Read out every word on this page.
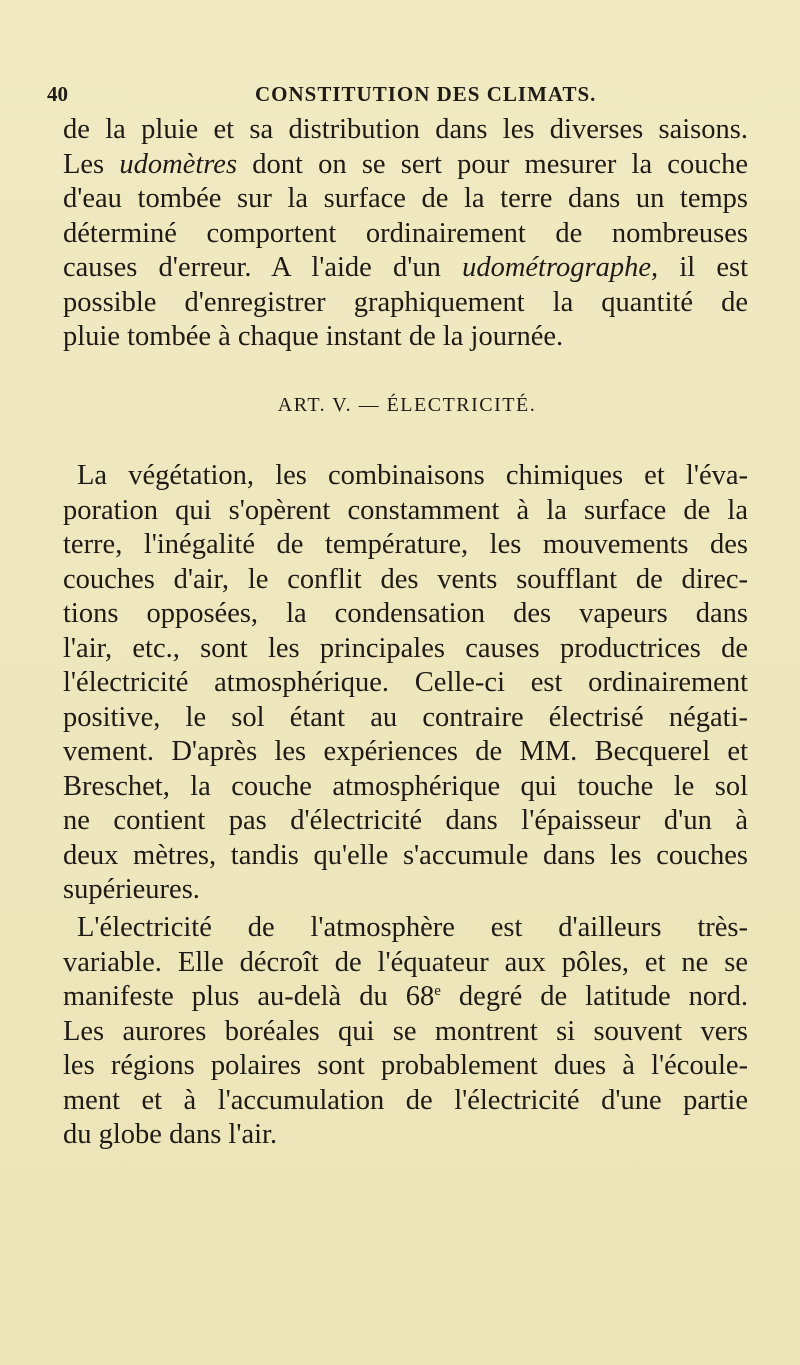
40	CONSTITUTION DES CLIMATS.
de la pluie et sa distribution dans les diverses saisons.
Les udomètres dont on se sert pour mesurer la couche
d'eau tombée sur la surface de la terre dans un temps
déterminé comportent ordinairement de nombreuses
causes d'erreur. A l'aide d'un udométrographe, il est
possible d'enregistrer graphiquement la quantité de
pluie tombée à chaque instant de la journée.
ART. V. — ÉLECTRICITÉ.
La végétation, les combinaisons chimiques et l'éva-
poration qui s'opèrent constamment à la surface de la
terre, l'inégalité de température, les mouvements des
couches d'air, le conflit des vents soufflant de direc-
tions opposées, la condensation des vapeurs dans
l'air, etc., sont les principales causes productrices de
l'électricité atmosphérique. Celle-ci est ordinairement
positive, le sol étant au contraire électrisé négati-
vement. D'après les expériences de MM. Becquerel et
Breschet, la couche atmosphérique qui touche le sol
ne contient pas d'électricité dans l'épaisseur d'un à
deux mètres, tandis qu'elle s'accumule dans les couches
supérieures.
L'électricité de l'atmosphère est d'ailleurs très-
variable. Elle décroît de l'équateur aux pôles, et ne se
manifeste plus au-delà du 68e degré de latitude nord.
Les aurores boréales qui se montrent si souvent vers
les régions polaires sont probablement dues à l'écoule-
ment et à l'accumulation de l'électricité d'une partie
du globe dans l'air.
